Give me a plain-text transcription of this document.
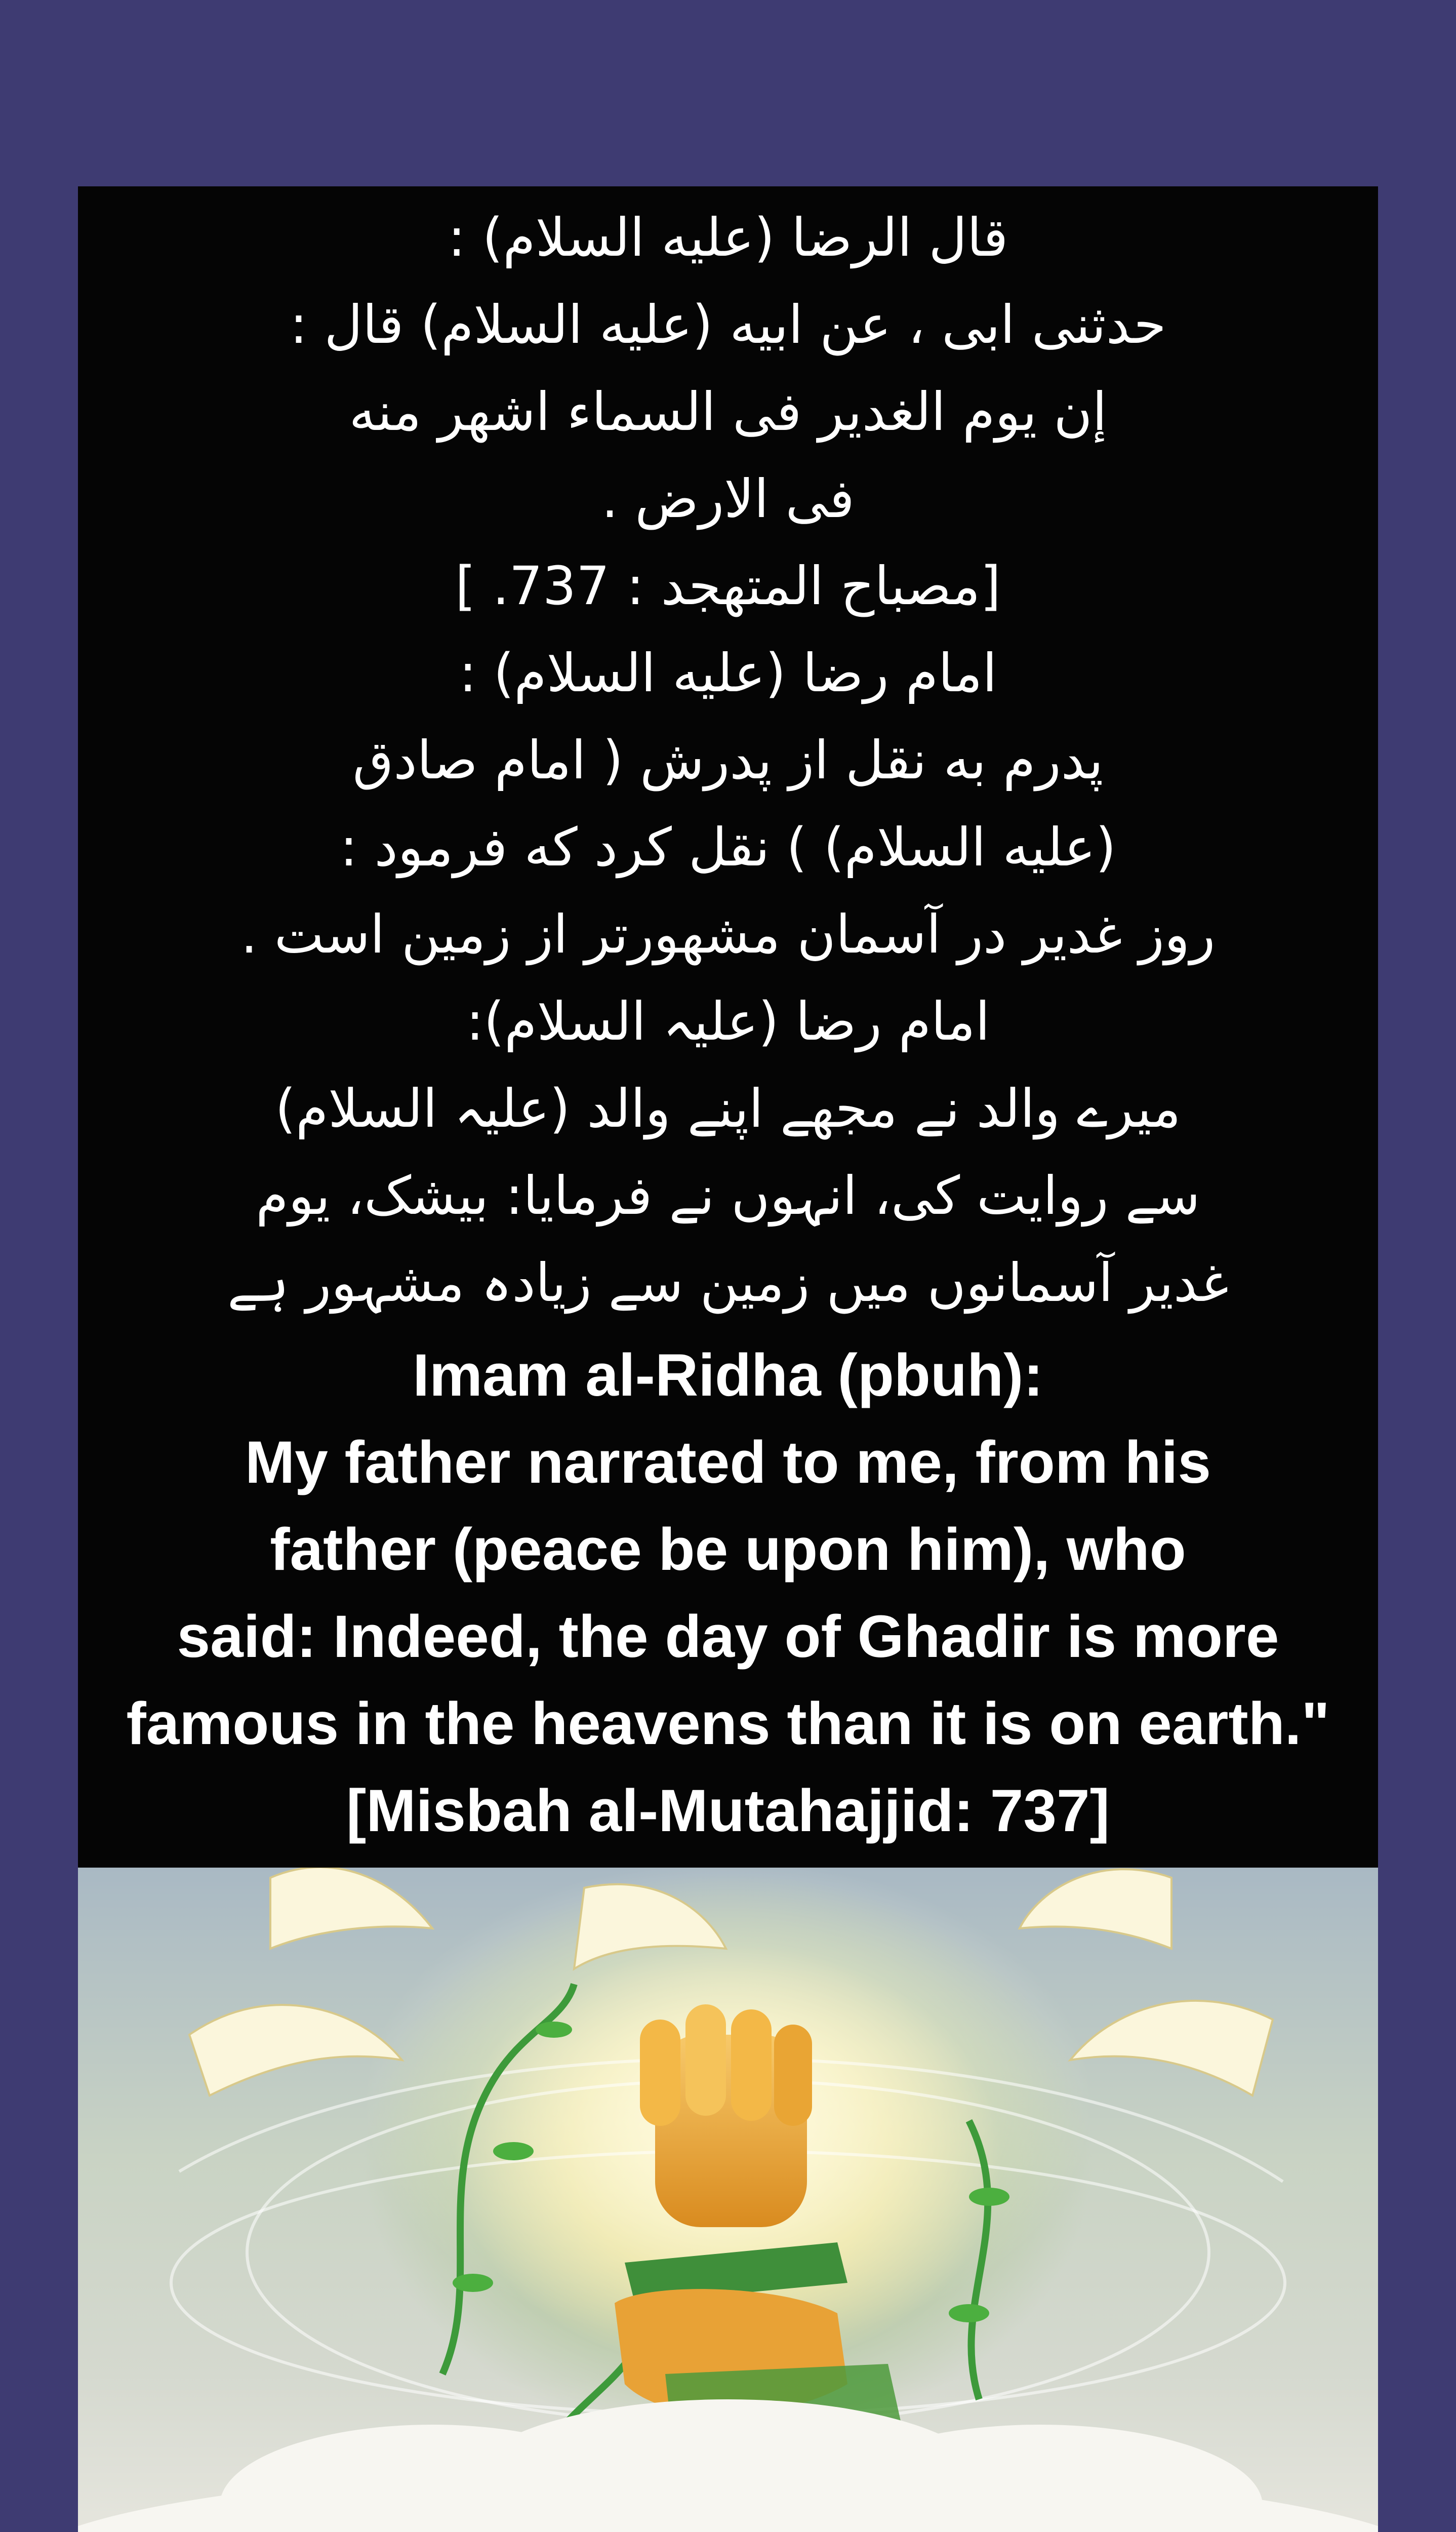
قال الرضا (عليه السلام) :
حدثنى ابى ، عن ابيه (عليه السلام) قال :
إن يوم الغدير فى السماء اشهر منه
فى الارض .
[مصباح المتهجد : 737. ]
امام رضا (عليه السلام) :
پدرم به نقل از پدرش ( امام صادق
(عليه السلام) ) نقل كرد كه فرمود :
روز غدير در آسمان مشهورتر از زمين است .
امام رضا (علیہ السلام):
میرے والد نے مجھے اپنے والد (علیہ السلام)
سے روایت کی، انہوں نے فرمایا: بیشک، یوم
غدیر آسمانوں میں زمین سے زیادہ مشہور ہے
Imam al-Ridha (pbuh):
My father narrated to me, from his
father (peace be upon him), who
said: Indeed, the day of Ghadir is more
famous in the heavens than it is on earth."
[Misbah al-Mutahajjid: 737]
